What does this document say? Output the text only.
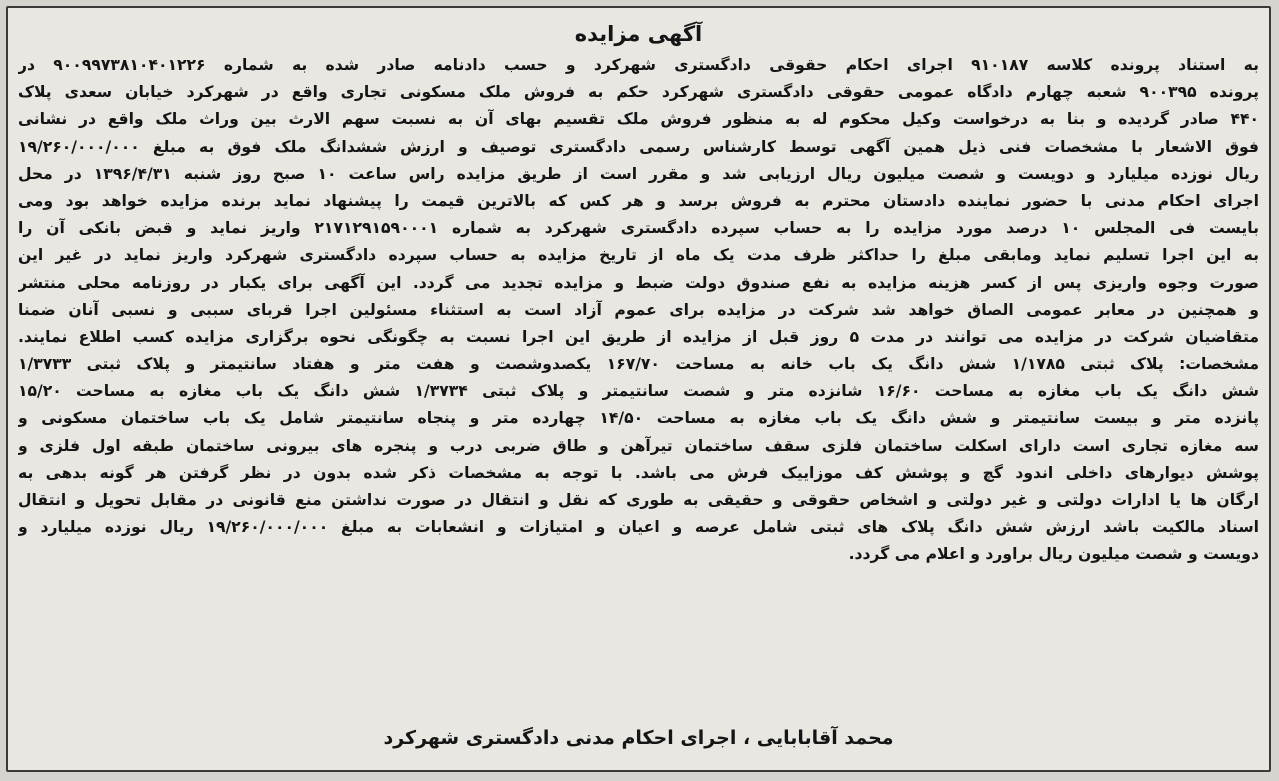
آگهی مزایده
به استناد پرونده کلاسه ۹۱۰۱۸۷ اجرای احکام حقوقی دادگستری شهرکرد و حسب دادنامه صادر شده به شماره ۹۰۰۹۹۷۳۸۱۰۴۰۱۲۲۶ در
پرونده ۹۰۰۳۹۵ شعبه چهارم دادگاه عمومی حقوقی دادگستری شهرکرد حکم به فروش ملک مسکونی تجاری واقع در شهرکرد خیابان سعدی پلاک
۴۴۰ صادر گردیده و بنا به درخواست وکیل محکوم له به منظور فروش ملک تقسیم بهای آن به نسبت سهم الارث بین وراث ملک واقع در نشانی
فوق الاشعار با مشخصات فنی ذیل همین آگهی توسط کارشناس رسمی دادگستری توصیف و ارزش ششدانگ ملک فوق به مبلغ ۱۹/۲۶۰/۰۰۰/۰۰۰
ریال نوزده میلیارد و دویست و شصت میلیون ریال ارزیابی شد و مقرر است از طریق مزایده راس ساعت ۱۰ صبح روز شنبه ۱۳۹۶/۴/۳۱ در محل
اجرای احکام مدنی با حضور نماینده دادستان محترم به فروش برسد و هر کس که بالاترین قیمت را پیشنهاد نماید برنده مزایده خواهد بود ومی
بایست فی المجلس ۱۰ درصد مورد مزایده را به حساب سپرده دادگستری شهرکرد به شماره ۲۱۷۱۲۹۱۵۹۰۰۰۱ واریز نماید و قبض بانکی آن را
به این اجرا تسلیم نماید ومابقی مبلغ را حداکثر ظرف مدت یک ماه از تاریخ مزایده به حساب سپرده دادگستری شهرکرد واریز نماید در غیر این
صورت وجوه واریزی پس از کسر هزینه مزایده به نفع صندوق دولت ضبط و مزایده تجدید می گردد. این آگهی برای یکبار در روزنامه محلی منتشر
و همچنین در معابر عمومی الصاق خواهد شد شرکت در مزایده برای عموم آزاد است به استثناء مسئولین اجرا قربای سببی و نسبی آنان ضمنا
متقاضیان شرکت در مزایده می توانند در مدت ۵ روز قبل از مزایده از طریق این اجرا نسبت به چگونگی نحوه برگزاری مزایده کسب اطلاع نمایند.
مشخصات: پلاک ثبتی ۱/۱۷۸۵ شش دانگ یک باب خانه به مساحت ۱۶۷/۷۰ یکصدوشصت و هفت متر و هفتاد سانتیمتر و پلاک ثبتی ۱/۳۷۳۳
شش دانگ یک باب مغازه به مساحت ۱۶/۶۰ شانزده متر و شصت سانتیمتر و پلاک ثبتی ۱/۳۷۳۴ شش دانگ یک باب مغازه به مساحت ۱۵/۲۰
پانزده متر و بیست سانتیمتر و شش دانگ یک باب مغازه به مساحت ۱۴/۵۰ چهارده متر و پنجاه سانتیمتر شامل یک باب ساختمان مسکونی و
سه مغازه تجاری است دارای اسکلت ساختمان فلزی سقف ساختمان تیرآهن و طاق ضربی درب و پنجره های بیرونی ساختمان طبقه اول فلزی و
پوشش دیوارهای داخلی اندود گچ و پوشش کف موزاییک فرش می باشد. با توجه به مشخصات ذکر شده بدون در نظر گرفتن هر گونه بدهی به
ارگان ها یا ادارات دولتی و غیر دولتی و اشخاص حقوقی و حقیقی به طوری که نقل و انتقال در صورت نداشتن منع قانونی در مقابل تحویل و انتقال
اسناد مالکیت باشد ارزش شش دانگ پلاک های ثبتی شامل عرصه و اعیان و امتیازات و انشعابات به مبلغ ۱۹/۲۶۰/۰۰۰/۰۰۰ ریال نوزده میلیارد و
دویست و شصت میلیون ریال براورد و اعلام می گردد.
محمد آقابابایی ، اجرای احکام مدنی دادگستری شهرکرد
